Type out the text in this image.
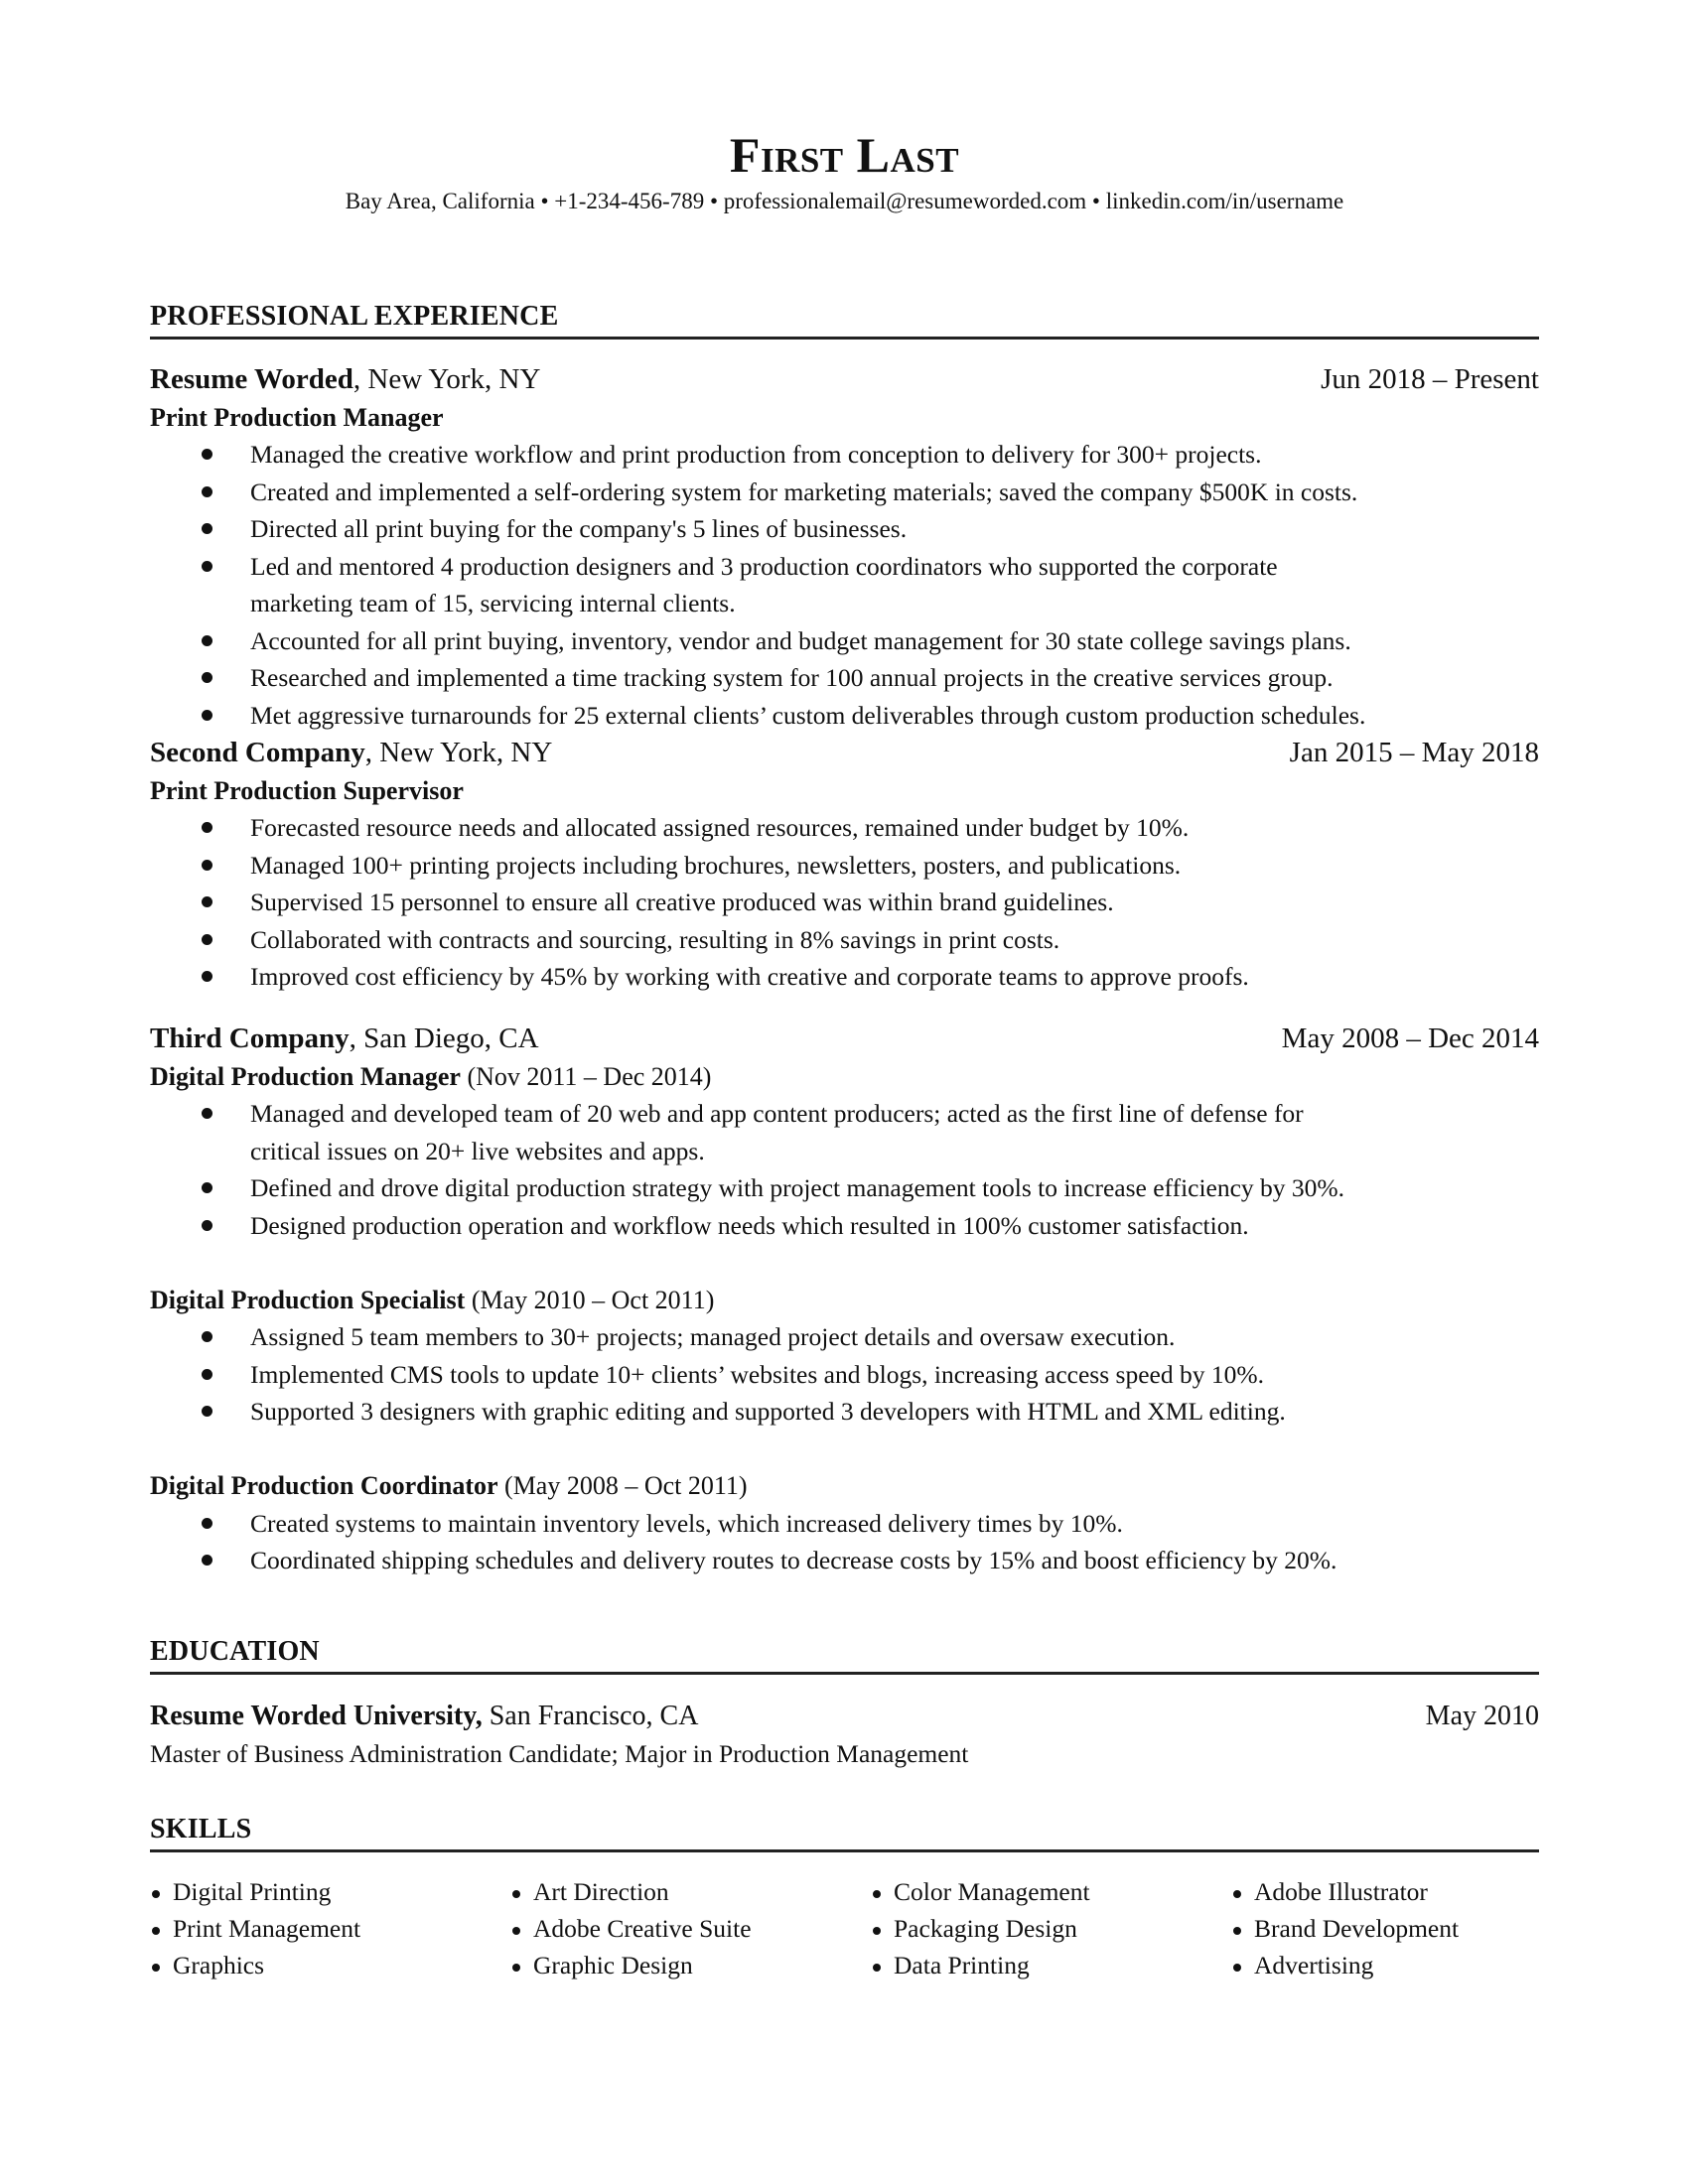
First Last
Bay Area, California • +1-234-456-789 • professionalemail@resumeworded.com • linkedin.com/in/username
PROFESSIONAL EXPERIENCE
Resume Worded, New York, NY	Jun 2018 – Present
Print Production Manager
Managed the creative workflow and print production from conception to delivery for 300+ projects.
Created and implemented a self-ordering system for marketing materials; saved the company $500K in costs.
Directed all print buying for the company's 5 lines of businesses.
Led and mentored 4 production designers and 3 production coordinators who supported the corporate
marketing team of 15, servicing internal clients.
Accounted for all print buying, inventory, vendor and budget management for 30 state college savings plans.
Researched and implemented a time tracking system for 100 annual projects in the creative services group.
Met aggressive turnarounds for 25 external clients’ custom deliverables through custom production schedules.
Second Company, New York, NY	Jan 2015 – May 2018
Print Production Supervisor
Forecasted resource needs and allocated assigned resources, remained under budget by 10%.
Managed 100+ printing projects including brochures, newsletters, posters, and publications.
Supervised 15 personnel to ensure all creative produced was within brand guidelines.
Collaborated with contracts and sourcing, resulting in 8% savings in print costs.
Improved cost efficiency by 45% by working with creative and corporate teams to approve proofs.
Third Company, San Diego, CA	May 2008 – Dec 2014
Digital Production Manager (Nov 2011 – Dec 2014)
Managed and developed team of 20 web and app content producers; acted as the first line of defense for
critical issues on 20+ live websites and apps.
Defined and drove digital production strategy with project management tools to increase efficiency by 30%.
Designed production operation and workflow needs which resulted in 100% customer satisfaction.
Digital Production Specialist (May 2010 – Oct 2011)
Assigned 5 team members to 30+ projects; managed project details and oversaw execution.
Implemented CMS tools to update 10+ clients’ websites and blogs, increasing access speed by 10%.
Supported 3 designers with graphic editing and supported 3 developers with HTML and XML editing.
Digital Production Coordinator (May 2008 – Oct 2011)
Created systems to maintain inventory levels, which increased delivery times by 10%.
Coordinated shipping schedules and delivery routes to decrease costs by 15% and boost efficiency by 20%.
EDUCATION
Resume Worded University, San Francisco, CA	May 2010
Master of Business Administration Candidate; Major in Production Management
SKILLS
Digital Printing	Art Direction	Color Management	Adobe Illustrator
Print Management	Adobe Creative Suite	Packaging Design	Brand Development
Graphics	Graphic Design	Data Printing	Advertising
